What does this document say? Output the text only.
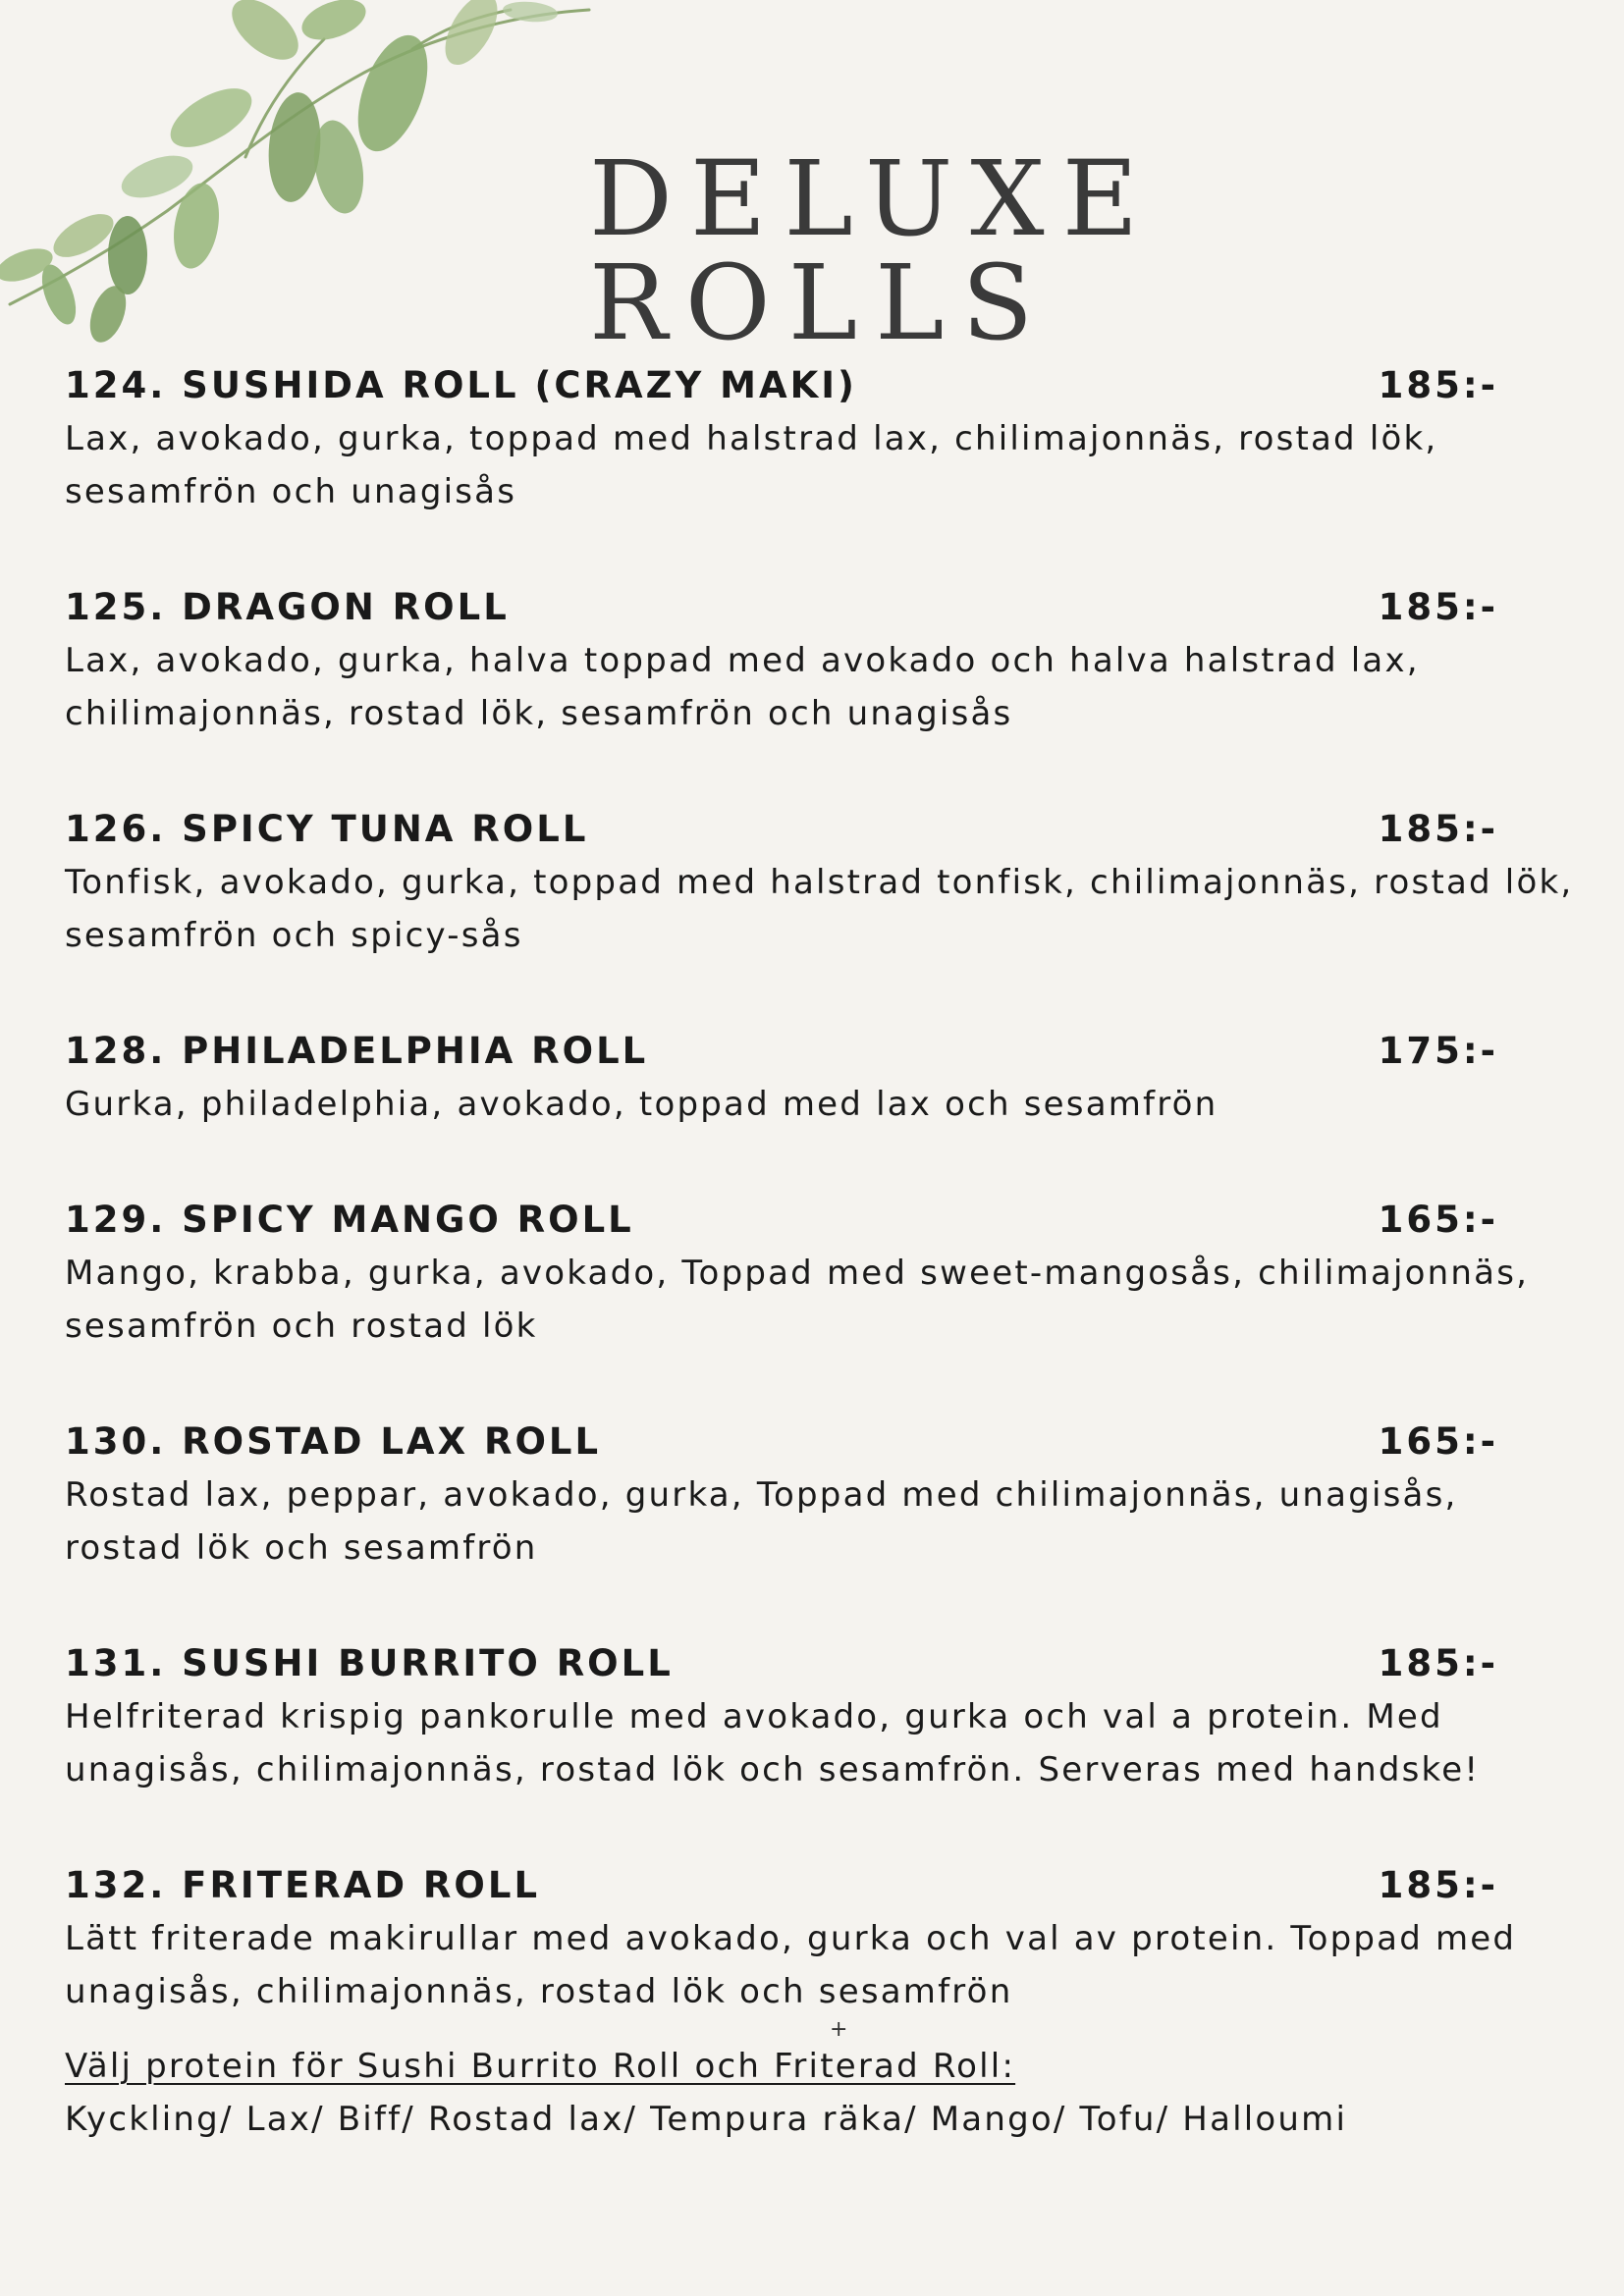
DELUXE ROLLS
124. SUSHIDA ROLL (CRAZY MAKI)	185:-

Lax, avokado, gurka, toppad med halstrad lax, chilimajonnäs, rostad lök, sesamfrön och unagisås

125. DRAGON ROLL	185:-

Lax, avokado, gurka, halva toppad med avokado och halva halstrad lax, chilimajonnäs, rostad lök, sesamfrön och unagisås

126. SPICY TUNA ROLL	185:-

Tonfisk, avokado, gurka, toppad med halstrad tonfisk, chilimajonnäs, rostad lök, sesamfrön och spicy-sås

128. PHILADELPHIA ROLL	175:-

Gurka, philadelphia, avokado, toppad med lax och sesamfrön

129. SPICY MANGO ROLL	165:-

Mango, krabba, gurka, avokado, Toppad med sweet-mangosås, chilimajonnäs, sesamfrön och rostad lök

130. ROSTAD LAX ROLL	165:-

Rostad lax, peppar, avokado, gurka, Toppad med chilimajonnäs, unagisås, rostad lök och sesamfrön

131. SUSHI BURRITO ROLL	185:-

Helfriterad krispig pankorulle med avokado, gurka och val a protein. Med unagisås, chilimajonnäs, rostad lök och sesamfrön. Serveras med handske!

132. FRITERAD ROLL	185:-

Lätt friterade makirullar med avokado, gurka och val av protein. Toppad med unagisås, chilimajonnäs, rostad lök och sesamfrön

+
Välj protein för Sushi Burrito Roll och Friterad Roll:
Kyckling/ Lax/ Biff/ Rostad lax/ Tempura räka/ Mango/ Tofu/ Halloumi
